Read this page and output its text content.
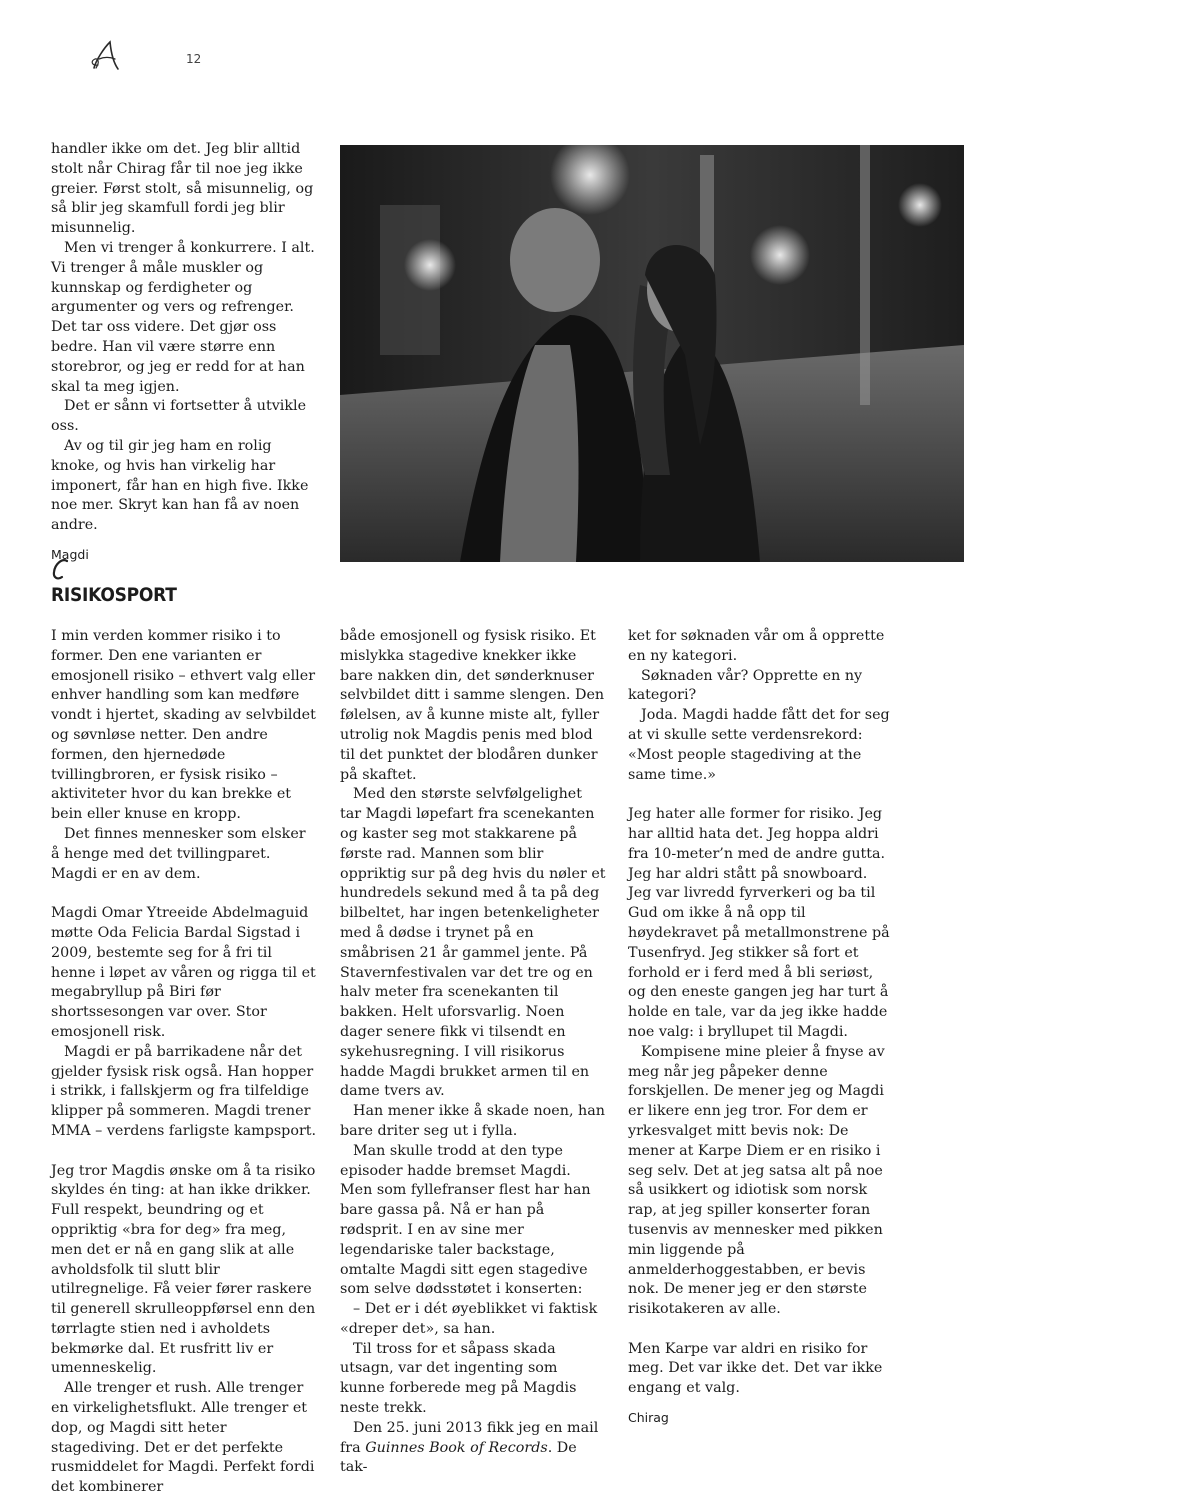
12

handler ikke om det. Jeg blir alltid stolt når Chirag får til noe jeg ikke greier. Først stolt, så misunnelig, og så blir jeg skamfull fordi jeg blir misunnelig.

Men vi trenger å konkurrere. I alt. Vi trenger å måle muskler og kunnskap og ferdigheter og argumenter og vers og refrenger. Det tar oss videre. Det gjør oss bedre. Han vil være større enn storebror, og jeg er redd for at han skal ta meg igjen.

Det er sånn vi fortsetter å utvikle oss.

Av og til gir jeg ham en rolig knoke, og hvis han virkelig har imponert, får han en high five. Ikke noe mer. Skryt kan han få av noen andre.

Magdi
RISIKOSPORT

I min verden kommer risiko i to former. Den ene varianten er emosjonell risiko – ethvert valg eller enhver handling som kan medføre vondt i hjertet, skading av selvbildet og søvnløse netter. Den andre formen, den hjernedøde tvillingbroren, er fysisk risiko – aktiviteter hvor du kan brekke et bein eller knuse en kropp.

Det finnes mennesker som elsker å henge med det tvillingparet. Magdi er en av dem.

Magdi Omar Ytreeide Abdelmaguid møtte Oda Felicia Bardal Sigstad i 2009, bestemte seg for å fri til henne i løpet av våren og rigga til et megabryllup på Biri før shortssesongen var over. Stor emosjonell risk.

Magdi er på barrikadene når det gjelder fysisk risk også. Han hopper i strikk, i fallskjerm og fra tilfeldige klipper på sommeren. Magdi trener MMA – verdens farligste kampsport.

Jeg tror Magdis ønske om å ta risiko skyldes én ting: at han ikke drikker. Full respekt, beundring og et oppriktig «bra for deg» fra meg, men det er nå en gang slik at alle avholdsfolk til slutt blir utilregnelige. Få veier fører raskere til generell skrulleoppførsel enn den tørrlagte stien ned i avholdets bekmørke dal. Et rusfritt liv er umenneskelig.

Alle trenger et rush. Alle trenger en virkelighetsflukt. Alle trenger et dop, og Magdi sitt heter stagediving. Det er det perfekte rusmiddelet for Magdi. Perfekt fordi det kombinerer

både emosjonell og fysisk risiko. Et mislykka stagedive knekker ikke bare nakken din, det sønderknuser selvbildet ditt i samme slengen. Den følelsen, av å kunne miste alt, fyller utrolig nok Magdis penis med blod til det punktet der blodåren dunker på skaftet.

Med den største selvfølgelighet tar Magdi løpefart fra scenekanten og kaster seg mot stakkarene på første rad. Mannen som blir oppriktig sur på deg hvis du nøler et hundredels sekund med å ta på deg bilbeltet, har ingen betenkeligheter med å dødse i trynet på en småbrisen 21 år gammel jente. På Stavernfestivalen var det tre og en halv meter fra scenekanten til bakken. Helt uforsvarlig. Noen dager senere fikk vi tilsendt en sykehusregning. I vill risikorus hadde Magdi brukket armen til en dame tvers av.

Han mener ikke å skade noen, han bare driter seg ut i fylla.

Man skulle trodd at den type episoder hadde bremset Magdi. Men som fyllefranser flest har han bare gassa på. Nå er han på rødsprit. I en av sine mer legendariske taler backstage, omtalte Magdi sitt egen stagedive som selve dødsstøtet i konserten:

– Det er i dét øyeblikket vi faktisk «dreper det», sa han.

Til tross for et såpass skada utsagn, var det ingenting som kunne forberede meg på Magdis neste trekk.

Den 25. juni 2013 fikk jeg en mail fra Guinnes Book of Records. De tak-

ket for søknaden vår om å opprette en ny kategori.

Søknaden vår? Opprette en ny kategori?

Joda. Magdi hadde fått det for seg at vi skulle sette verdensrekord: «Most people stagediving at the same time.»

Jeg hater alle former for risiko. Jeg har alltid hata det. Jeg hoppa aldri fra 10-meter’n med de andre gutta. Jeg har aldri stått på snowboard. Jeg var livredd fyrverkeri og ba til Gud om ikke å nå opp til høydekravet på metallmonstrene på Tusenfryd. Jeg stikker så fort et forhold er i ferd med å bli seriøst, og den eneste gangen jeg har turt å holde en tale, var da jeg ikke hadde noe valg: i bryllupet til Magdi.

Kompisene mine pleier å fnyse av meg når jeg påpeker denne forskjellen. De mener jeg og Magdi er likere enn jeg tror. For dem er yrkesvalget mitt bevis nok: De mener at Karpe Diem er en risiko i seg selv. Det at jeg satsa alt på noe så usikkert og idiotisk som norsk rap, at jeg spiller konserter foran tusenvis av mennesker med pikken min liggende på anmelderhoggestabben, er bevis nok. De mener jeg er den største risikotakeren av alle.

Men Karpe var aldri en risiko for meg. Det var ikke det. Det var ikke engang et valg.

Chirag
